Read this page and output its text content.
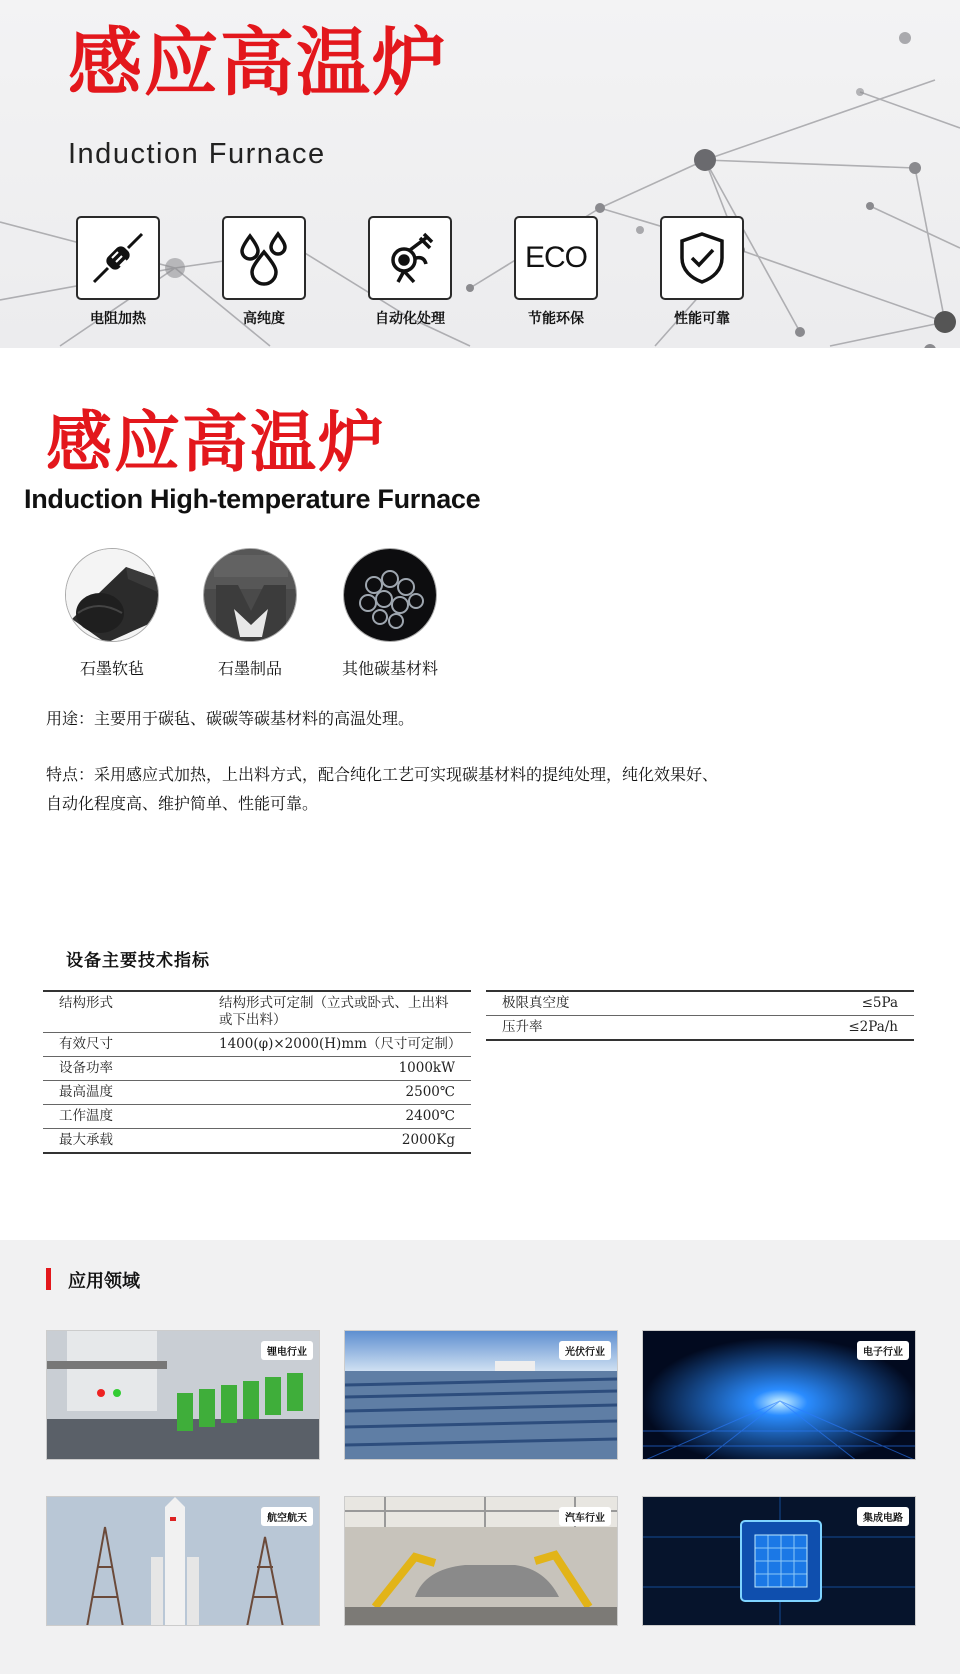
感应高温炉
Induction Furnace
电阻加热	高纯度	自动化处理
ECO
节能环保	性能可靠
感应高温炉
Induction High-temperature Furnace
石墨软毡	石墨制品	其他碳基材料
用途：主要用于碳毡、碳碳等碳基材料的高温处理。
特点：采用感应式加热，上出料方式，配合纯化工艺可实现碳基材料的提纯处理，纯化效果好、
自动化程度高、维护简单、性能可靠。
设备主要技术指标
结构形式	结构形式可定制（立式或卧式、上出料或下出料）
有效尺寸	1400(φ)×2000(H)mm（尺寸可定制）
设备功率	1000kW
最高温度	2500℃
工作温度	2400℃
最大承载	2000Kg
极限真空度	≤5Pa
压升率	≤2Pa/h
应用领域
锂电行业	光伏行业	电子行业
航空航天	汽车行业	集成电路
